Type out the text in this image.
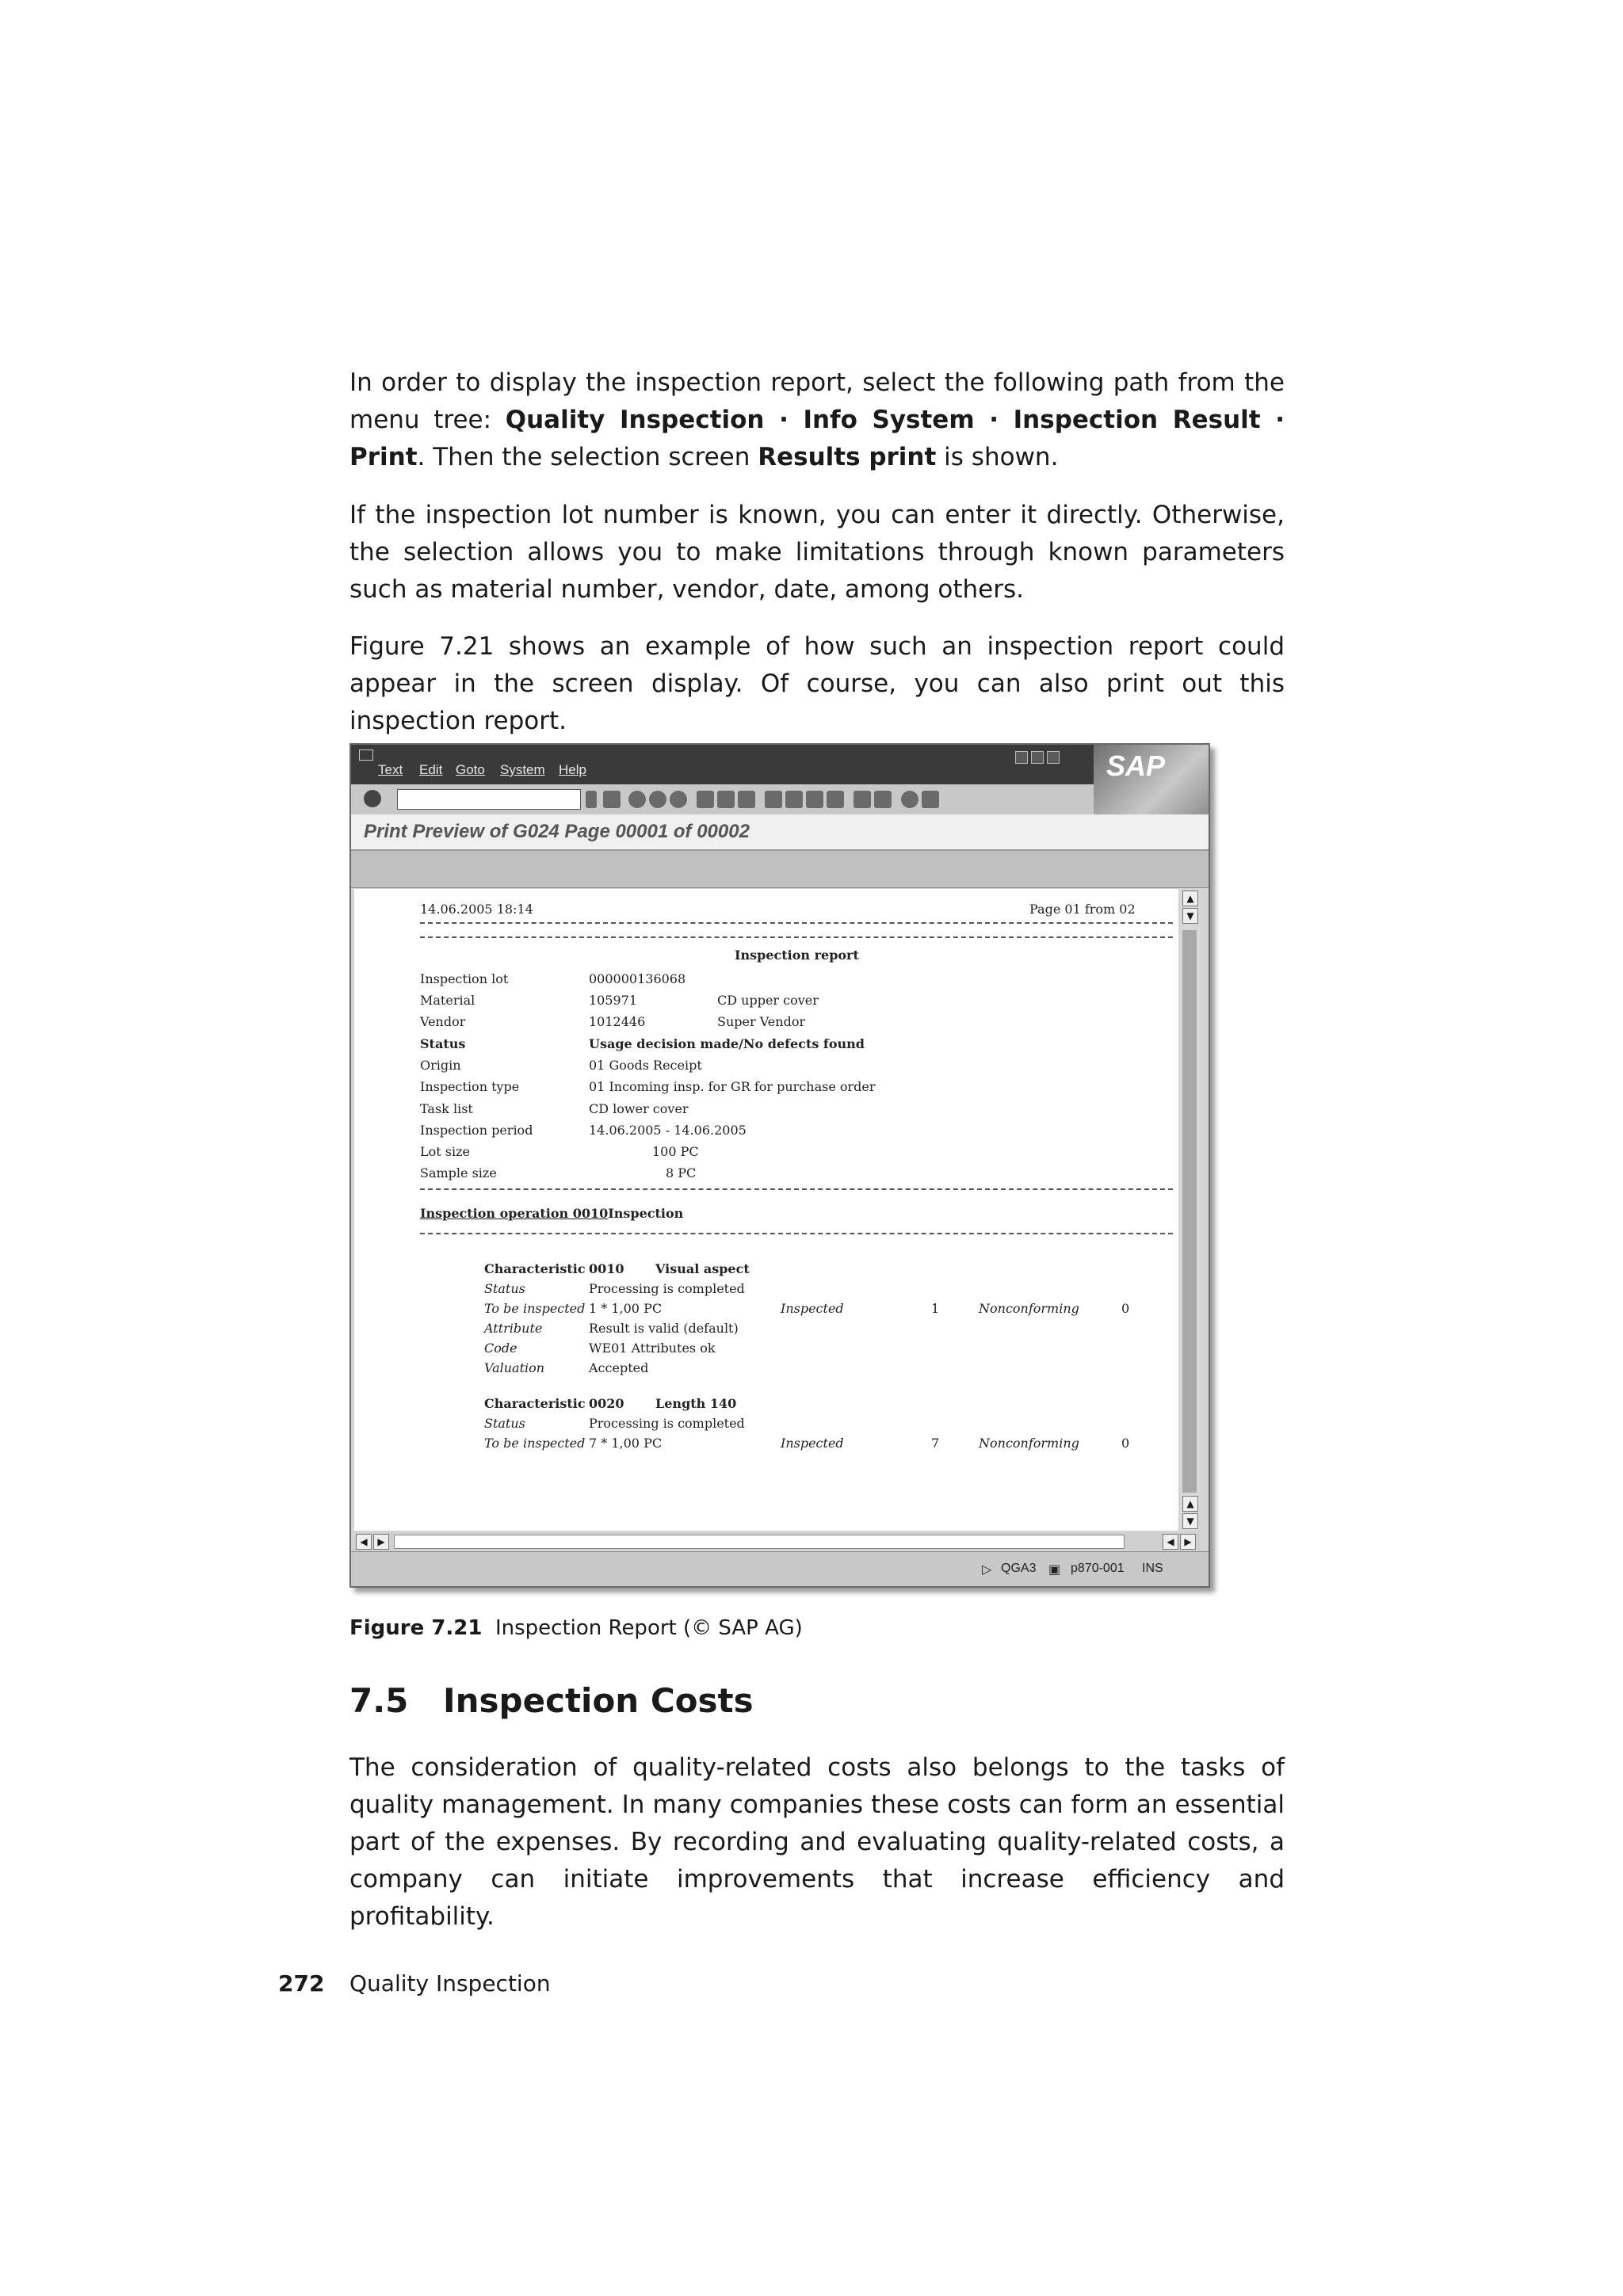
In order to display the inspection report, select the following path from the menu tree: Quality Inspection · Info System · Inspection Result · Print. Then the selection screen Results print is shown.

If the inspection lot number is known, you can enter it directly. Otherwise, the selection allows you to make limitations through known parameters such as material number, vendor, date, among others.

Figure 7.21 shows an example of how such an inspection report could appear in the screen display. Of course, you can also print out this inspection report.

Text Edit Goto System Help	SAP
Print Preview of G024 Page 00001 of 00002
14.06.2005 18:14	Page 01 from 02
Inspection report
Inspection lot	000000136068
Material	105971	CD upper cover
Vendor	1012446	Super Vendor
Status	Usage decision made/No defects found
Origin	01 Goods Receipt
Inspection type	01 Incoming insp. for GR for purchase order
Task list	CD lower cover
Inspection period	14.06.2005 - 14.06.2005
Lot size	100 PC
Sample size	8 PC
Inspection operation 0010Inspection
Characteristic 0010 Visual aspect
Status	Processing is completed
To be inspected 1 * 1,00 PC	Inspected	1	Nonconforming	0
Attribute	Result is valid (default)
Code	WE01 Attributes ok
Valuation	Accepted
Characteristic 0020 Length 140
Status	Processing is completed
To be inspected 7 * 1,00 PC	Inspected	7	Nonconforming	0
▲
▼
▲
▼
◀	▶	◀	▶
▷ QGA3 ▣ p870-001 INS
Figure 7.21 Inspection Report (© SAP AG)
7.5 Inspection Costs

The consideration of quality-related costs also belongs to the tasks of quality management. In many companies these costs can form an essential part of the expenses. By recording and evaluating quality-related costs, a company can initiate improvements that increase efficiency and profitability.

272 Quality Inspection
